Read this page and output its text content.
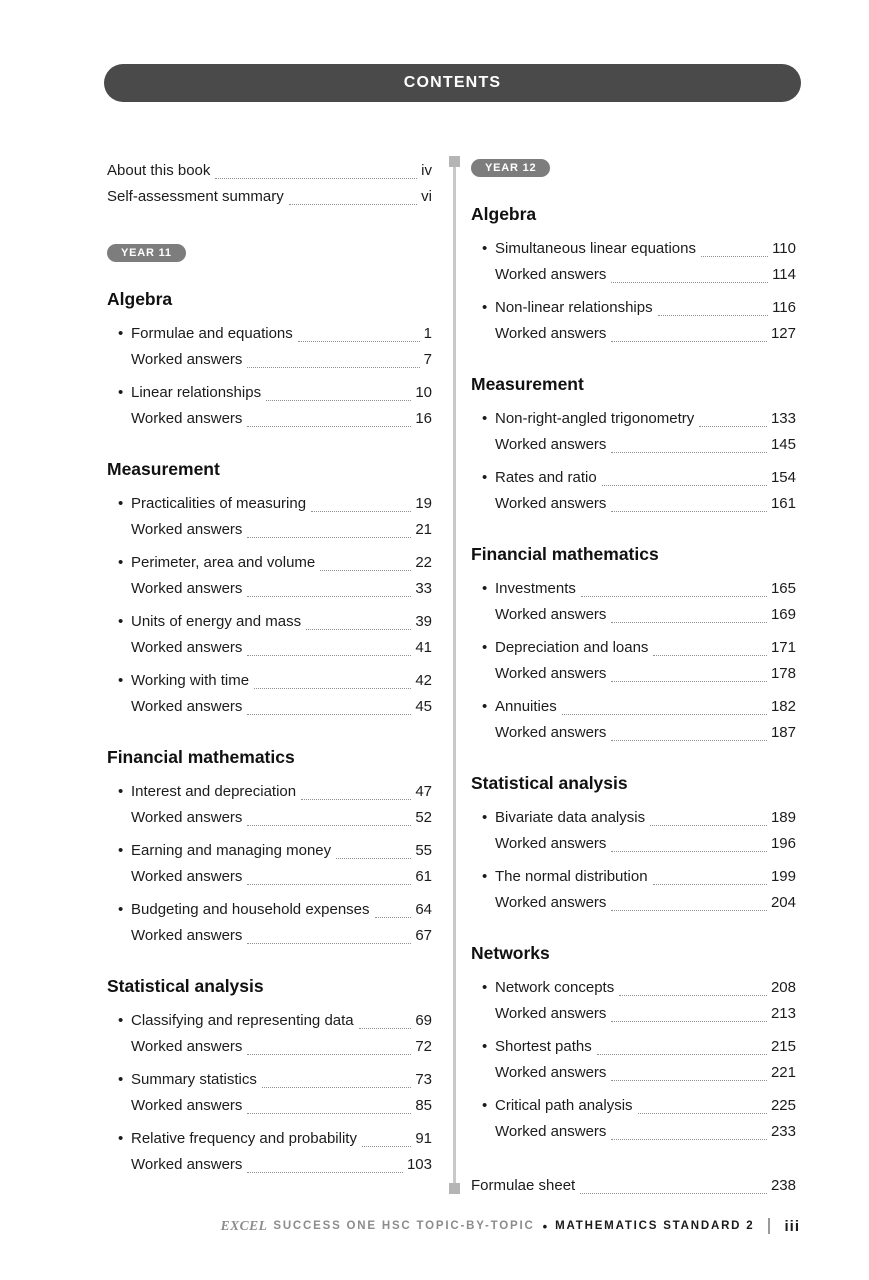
CONTENTS
About this book	iv
Self-assessment summary	vi
YEAR 11
Algebra
• Formulae and equations	1
Worked answers	7
• Linear relationships	10
Worked answers	16
Measurement
• Practicalities of measuring	19
Worked answers	21
• Perimeter, area and volume	22
Worked answers	33
• Units of energy and mass	39
Worked answers	41
• Working with time	42
Worked answers	45
Financial mathematics
• Interest and depreciation	47
Worked answers	52
• Earning and managing money	55
Worked answers	61
• Budgeting and household expenses	64
Worked answers	67
Statistical analysis
• Classifying and representing data	69
Worked answers	72
• Summary statistics	73
Worked answers	85
• Relative frequency and probability	91
Worked answers	103
YEAR 12
Algebra
• Simultaneous linear equations	110
Worked answers	114
• Non-linear relationships	116
Worked answers	127
Measurement
• Non-right-angled trigonometry	133
Worked answers	145
• Rates and ratio	154
Worked answers	161
Financial mathematics
• Investments	165
Worked answers	169
• Depreciation and loans	171
Worked answers	178
• Annuities	182
Worked answers	187
Statistical analysis
• Bivariate data analysis	189
Worked answers	196
• The normal distribution	199
Worked answers	204
Networks
• Network concepts	208
Worked answers	213
• Shortest paths	215
Worked answers	221
• Critical path analysis	225
Worked answers	233
Formulae sheet	238
EXCEL SUCCESS ONE HSC TOPIC-BY-TOPIC • MATHEMATICS STANDARD 2 iii
